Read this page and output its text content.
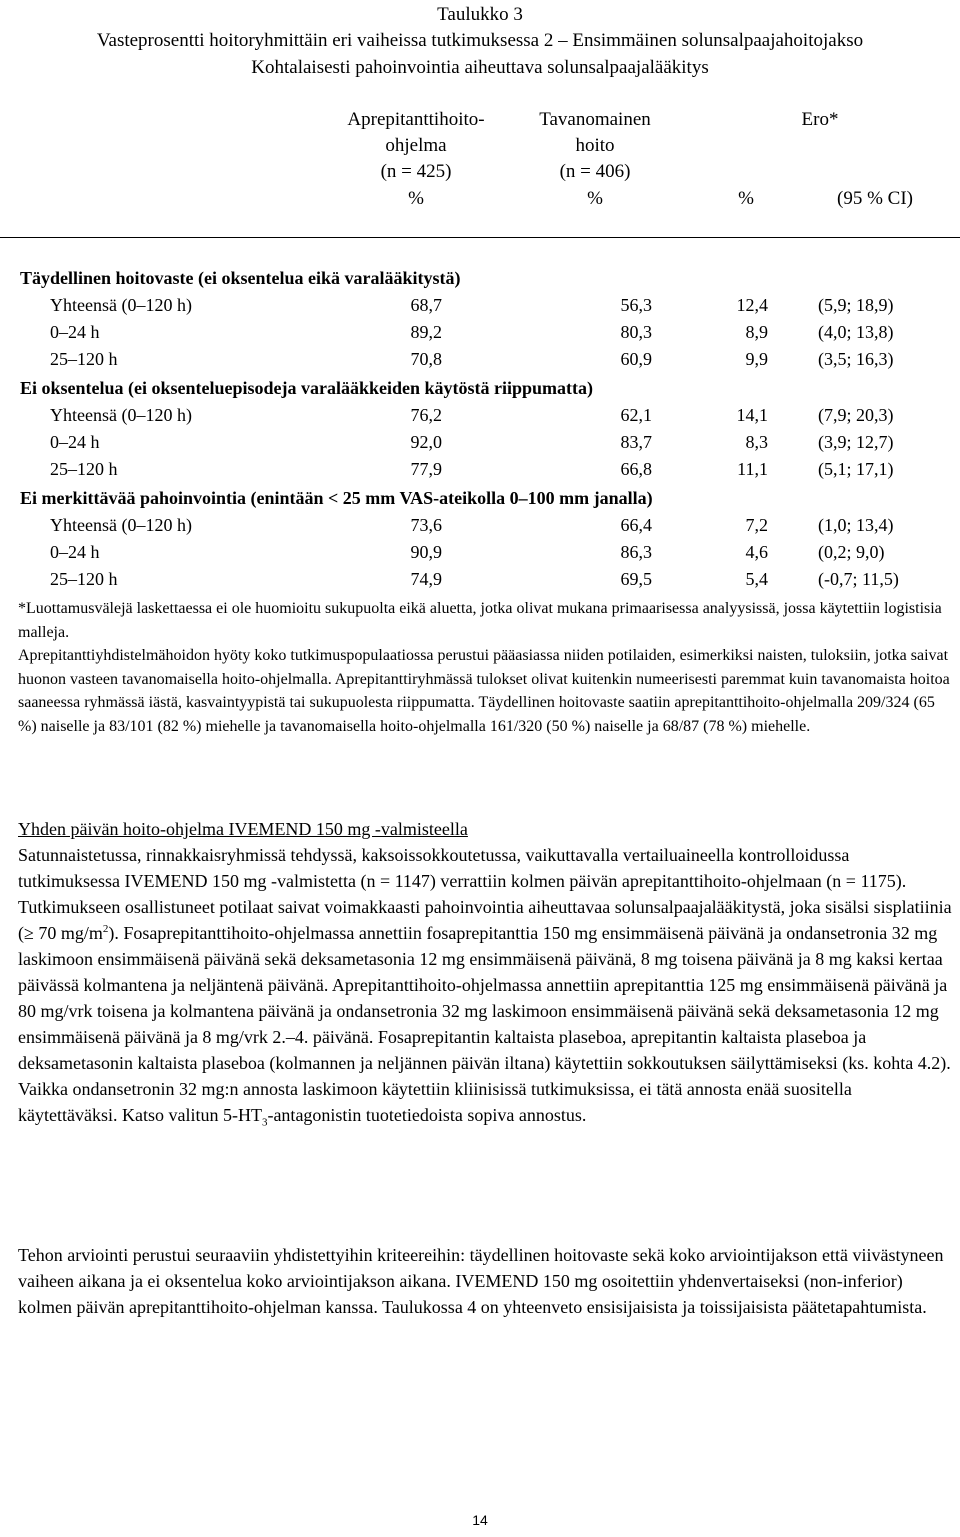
Taulukko 3
Vasteprosentti hoitoryhmittäin eri vaiheissa tutkimuksessa 2 – Ensimmäinen solunsalpaajahoitojakso
Kohtalaisesti pahoinvointia aiheuttava solunsalpaajalääkitys
Aprepitanttihoito-
ohjelma
(n = 425)
%
Tavanomainen
hoito
(n = 406)
%
Ero*
%	(95 % CI)
Täydellinen hoitovaste (ei oksentelua eikä varalääkitystä)
Yhteensä (0–120 h)	68,7	56,3	12,4	(5,9; 18,9)
0–24 h	89,2	80,3	8,9	(4,0; 13,8)
25–120 h	70,8	60,9	9,9	(3,5; 16,3)
Ei oksentelua (ei oksenteluepisodeja varalääkkeiden käytöstä riippumatta)
Yhteensä (0–120 h)	76,2	62,1	14,1	(7,9; 20,3)
0–24 h	92,0	83,7	8,3	(3,9; 12,7)
25–120 h	77,9	66,8	11,1	(5,1; 17,1)
Ei merkittävää pahoinvointia (enintään < 25 mm VAS-ateikolla 0–100 mm janalla)
Yhteensä (0–120 h)	73,6	66,4	7,2	(1,0; 13,4)
0–24 h	90,9	86,3	4,6	(0,2; 9,0)
25–120 h	74,9	69,5	5,4	(-0,7; 11,5)
*Luottamusvälejä laskettaessa ei ole huomioitu sukupuolta eikä aluetta, jotka olivat mukana primaarisessa analyysissä, jossa käytettiin logistisia malleja.
Aprepitanttiyhdistelmähoidon hyöty koko tutkimuspopulaatiossa perustui pääasiassa niiden potilaiden, esimerkiksi naisten, tuloksiin, jotka saivat huonon vasteen tavanomaisella hoito-ohjelmalla. Aprepitanttiryhmässä tulokset olivat kuitenkin numeerisesti paremmat kuin tavanomaista hoitoa saaneessa ryhmässä iästä, kasvaintyypistä tai sukupuolesta riippumatta. Täydellinen hoitovaste saatiin aprepitanttihoito-ohjelmalla 209/324 (65 %) naiselle ja 83/101 (82 %) miehelle ja tavanomaisella hoito-ohjelmalla 161/320 (50 %) naiselle ja 68/87 (78 %) miehelle.
Yhden päivän hoito-ohjelma IVEMEND 150 mg -valmisteella
Satunnaistetussa, rinnakkaisryhmissä tehdyssä, kaksoissokkoutetussa, vaikuttavalla vertailuaineella kontrolloidussa tutkimuksessa IVEMEND 150 mg -valmistetta (n = 1147) verrattiin kolmen päivän aprepitanttihoito-ohjelmaan (n = 1175). Tutkimukseen osallistuneet potilaat saivat voimakkaasti pahoinvointia aiheuttavaa solunsalpaajalääkitystä, joka sisälsi sisplatiinia (≥ 70 $mg/m^2$). Fosaprepitanttihoito-ohjelmassa annettiin fosaprepitanttia 150 mg ensimmäisenä päivänä ja ondansetronia 32 mg laskimoon ensimmäisenä päivänä sekä deksametasonia 12 mg ensimmäisenä päivänä, 8 mg toisena päivänä ja 8 mg kaksi kertaa päivässä kolmantena ja neljäntenä päivänä. Aprepitanttihoito-ohjelmassa annettiin aprepitanttia 125 mg ensimmäisenä päivänä ja 80 mg/vrk toisena ja kolmantena päivänä ja ondansetronia 32 mg laskimoon ensimmäisenä päivänä sekä deksametasonia 12 mg ensimmäisenä päivänä ja 8 mg/vrk 2.–4. päivänä. Fosaprepitantin kaltaista plaseboa, aprepitantin kaltaista plaseboa ja deksametasonin kaltaista plaseboa (kolmannen ja neljännen päivän iltana) käytettiin sokkoutuksen säilyttämiseksi (ks. kohta 4.2). Vaikka ondansetronin 32 mg:n annosta laskimoon käytettiin kliinisissä tutkimuksissa, ei tätä annosta enää suositella käytettäväksi. Katso valitun $5-HT_3$-antagonistin tuotetiedoista sopiva annostus.
Tehon arviointi perustui seuraaviin yhdistettyihin kriteereihin: täydellinen hoitovaste sekä koko arviointijakson että viivästyneen vaiheen aikana ja ei oksentelua koko arviointijakson aikana. IVEMEND 150 mg osoitettiin yhdenvertaiseksi (non-inferior) kolmen päivän aprepitanttihoito-ohjelman kanssa. Taulukossa 4 on yhteenveto ensisijaisista ja toissijaisista päätetapahtumista.
14
